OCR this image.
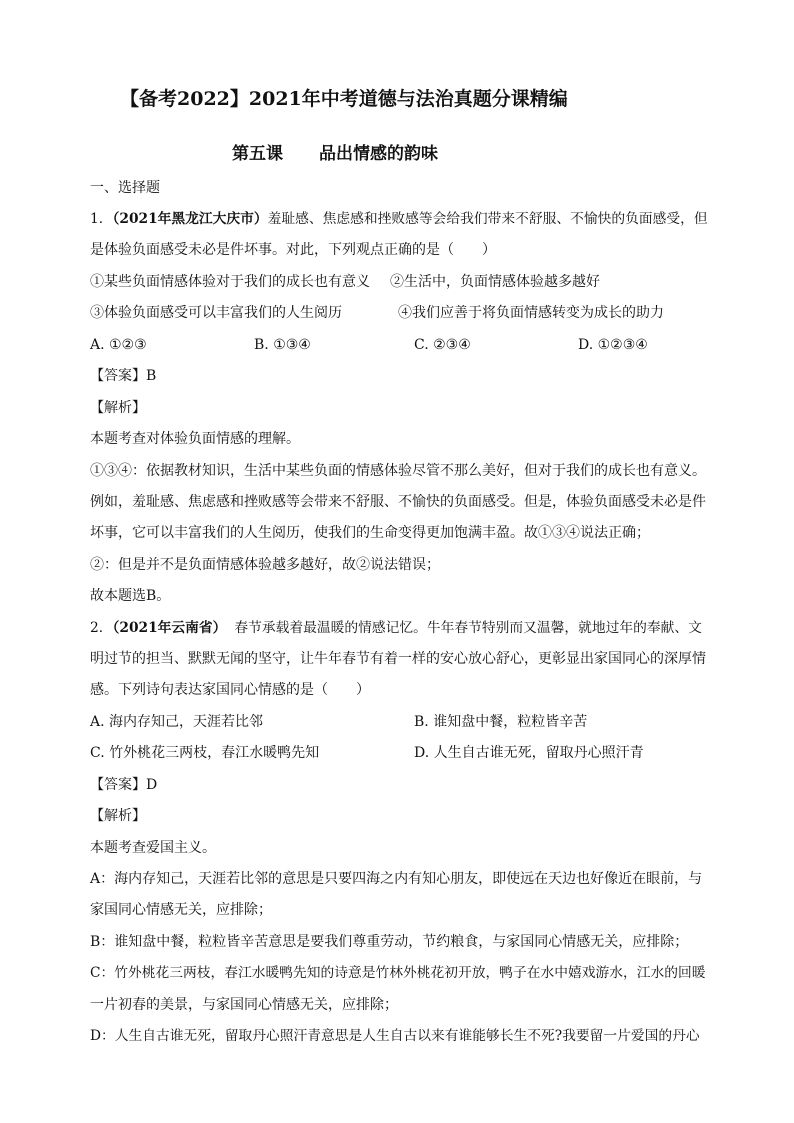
【备考2022】2021年中考道德与法治真题分课精编
第五课 品出情感的韵味
一、选择题
1．（2021年黑龙江大庆市）羞耻感、焦虑感和挫败感等会给我们带来不舒服、不愉快的负面感受，但
是体验负面感受未必是件坏事。对此，下列观点正确的是（　　）
①某些负面情感体验对于我们的成长也有意义 ②生活中，负面情感体验越多越好
③体验负面感受可以丰富我们的人生阅历	④我们应善于将负面情感转变为成长的助力
A. ①②③	B. ①③④	C. ②③④	D. ①②③④
【答案】B
【解析】
本题考查对体验负面情感的理解。
①③④：依据教材知识，生活中某些负面的情感体验尽管不那么美好，但对于我们的成长也有意义。
例如，羞耻感、焦虑感和挫败感等会带来不舒服、不愉快的负面感受。但是，体验负面感受未必是件
坏事，它可以丰富我们的人生阅历，使我们的生命变得更加饱满丰盈。故①③④说法正确；
②：但是并不是负面情感体验越多越好，故②说法错误；
故本题选B。
2．（2021年云南省） 春节承载着最温暖的情感记忆。牛年春节特别而又温馨，就地过年的奉献、文
明过节的担当、默默无闻的坚守，让牛年春节有着一样的安心放心舒心，更彰显出家国同心的深厚情
感。下列诗句表达家国同心情感的是（　　）
A. 海内存知己，天涯若比邻	B. 谁知盘中餐，粒粒皆辛苦
C. 竹外桃花三两枝，春江水暖鸭先知	D. 人生自古谁无死，留取丹心照汗青
【答案】D
【解析】
本题考查爱国主义。
A：海内存知己，天涯若比邻的意思是只要四海之内有知心朋友，即使远在天边也好像近在眼前，与
家国同心情感无关，应排除；
B：谁知盘中餐，粒粒皆辛苦意思是要我们尊重劳动，节约粮食，与家国同心情感无关，应排除；
C：竹外桃花三两枝，春江水暖鸭先知的诗意是竹林外桃花初开放，鸭子在水中嬉戏游水，江水的回暖
一片初春的美景，与家国同心情感无关，应排除；
D：人生自古谁无死，留取丹心照汗青意思是人生自古以来有谁能够长生不死?我要留一片爱国的丹心
